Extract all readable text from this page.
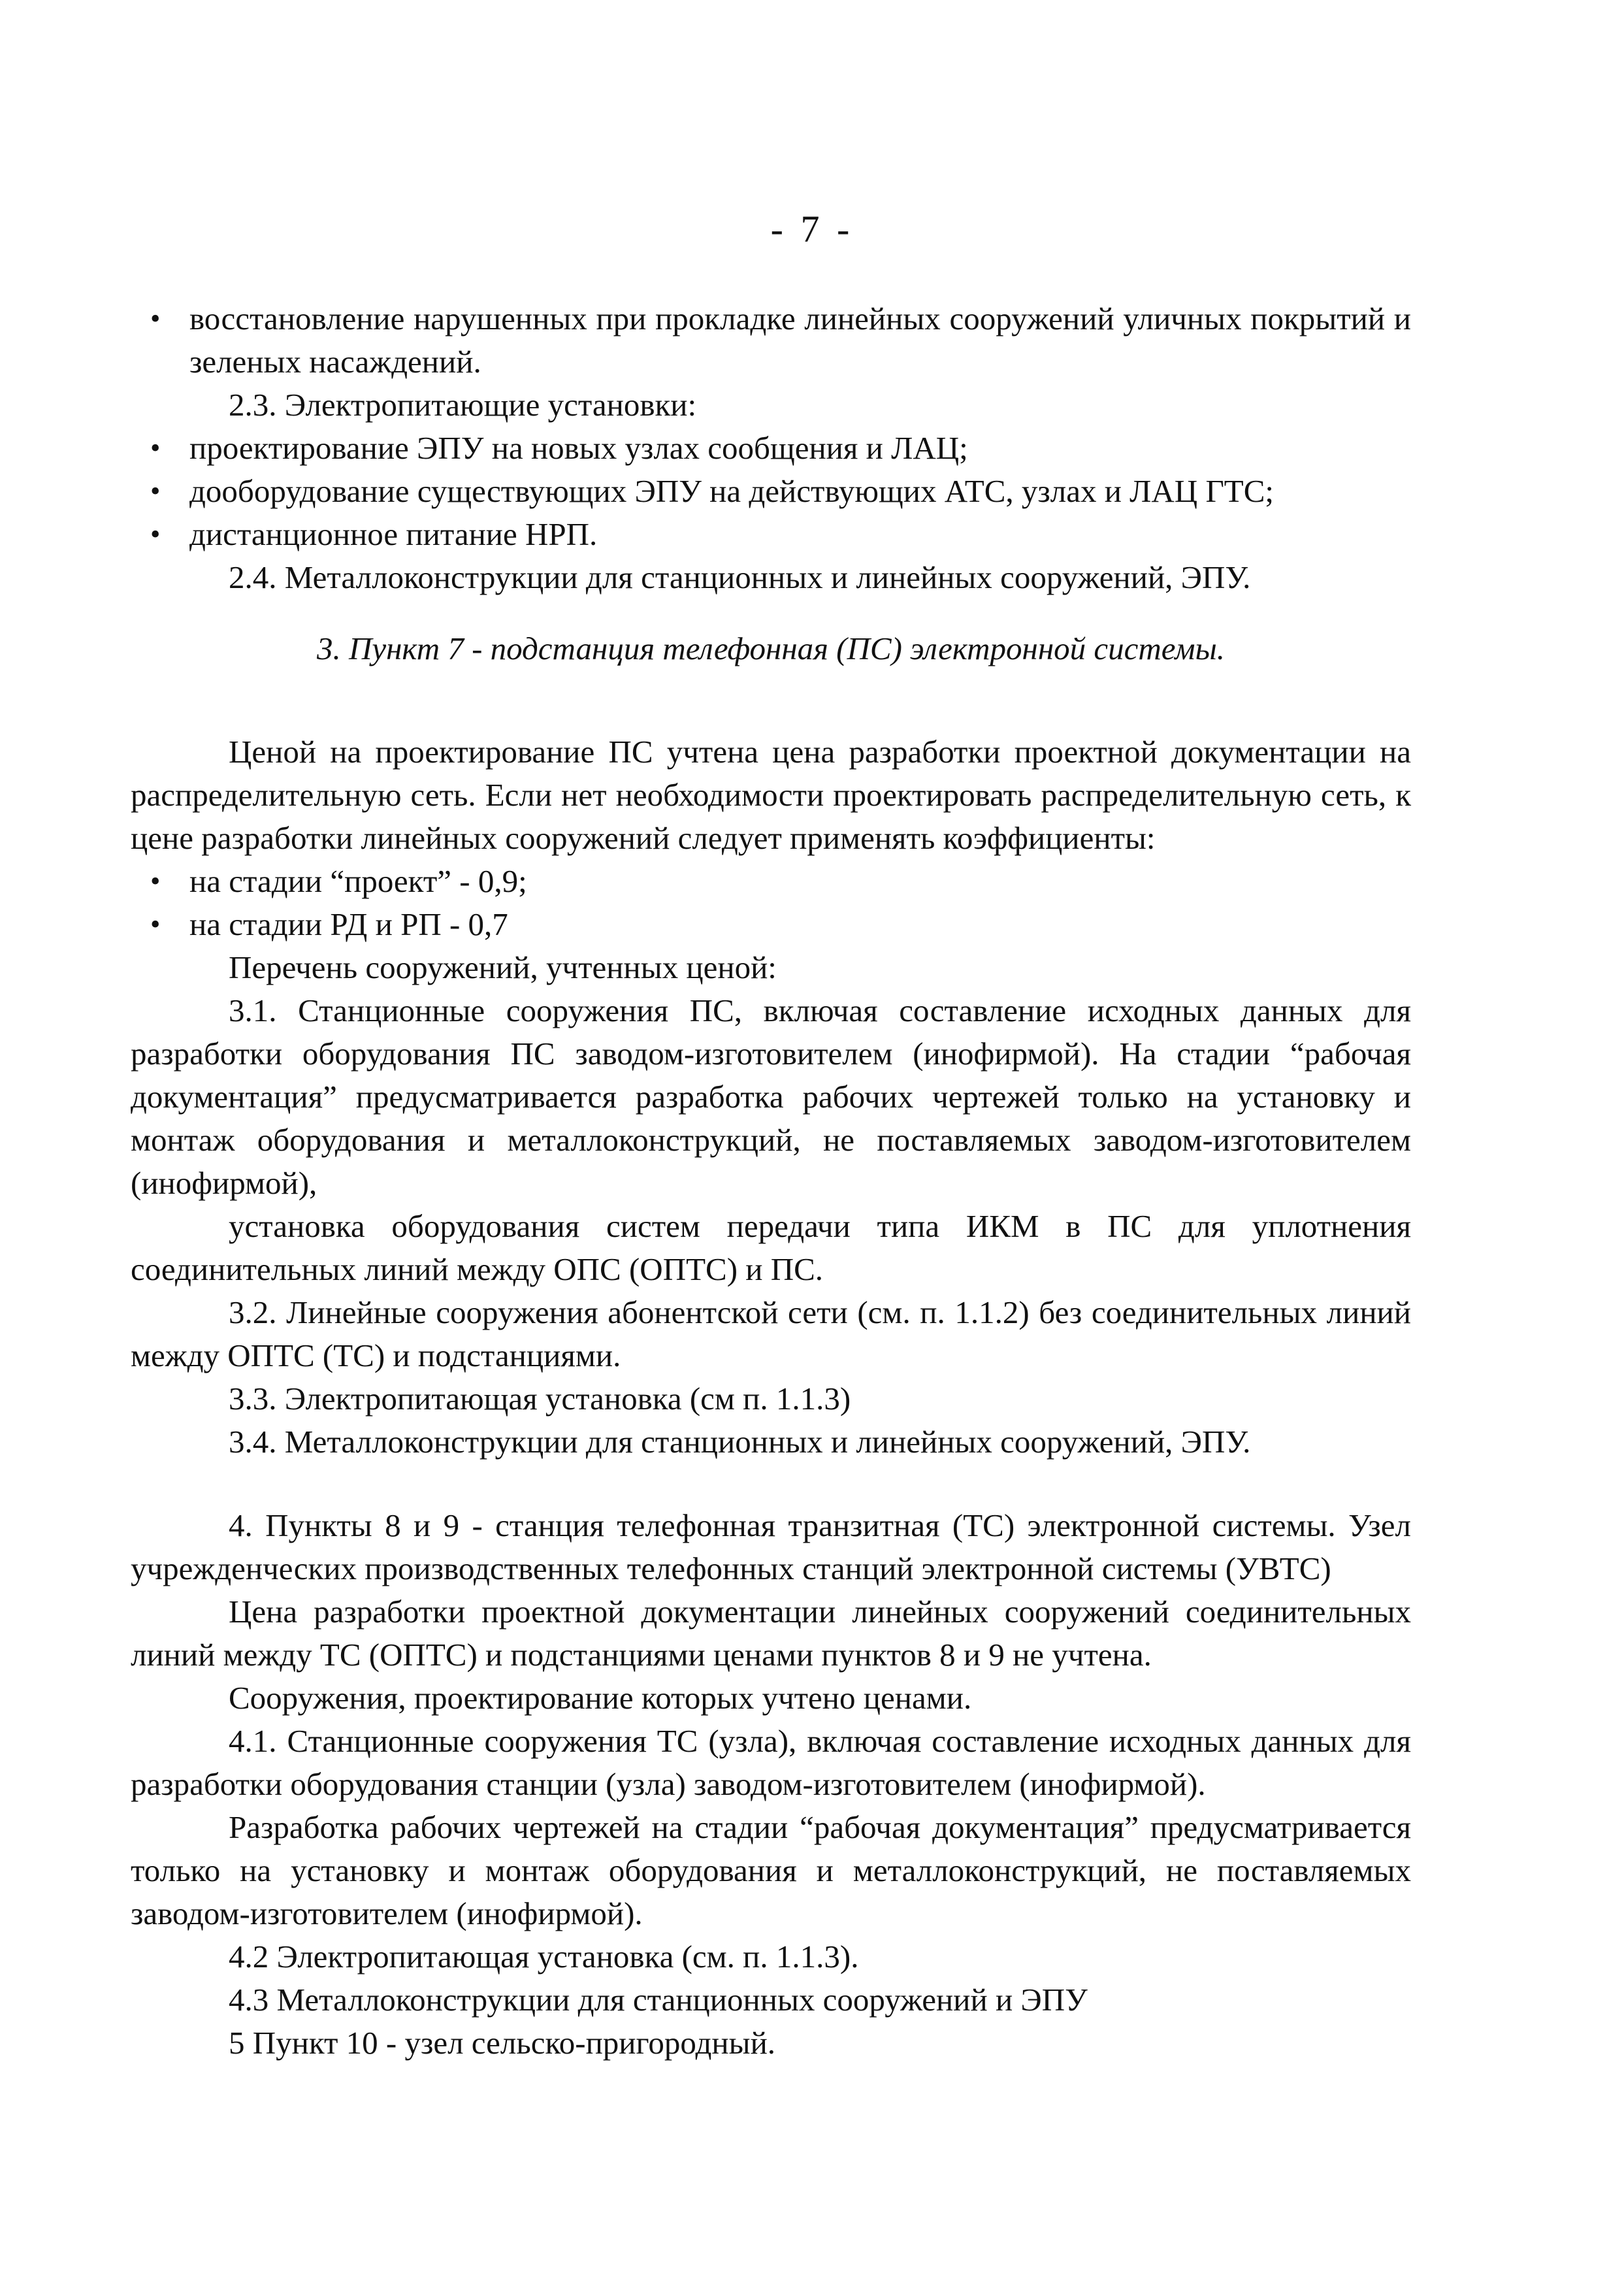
- 7 -

• восстановление нарушенных при прокладке линейных сооружений уличных покрытий и зеленых насаждений.

2.3. Электропитающие установки:

• проектирование ЭПУ на новых узлах сообщения и ЛАЦ;

• дооборудование существующих ЭПУ на действующих АТС, узлах и ЛАЦ ГТС;

• дистанционное питание НРП.

2.4. Металлоконструкции для станционных и линейных сооружений, ЭПУ.

3. Пункт 7 - подстанция телефонная (ПС) электронной системы.

Ценой на проектирование ПС учтена цена разработки проектной документации на распределительную сеть. Если нет необходимости проектировать распределительную сеть, к цене разработки линейных сооружений следует применять коэффициенты:

• на стадии “проект” - 0,9;

• на стадии РД и РП - 0,7

Перечень сооружений, учтенных ценой:

3.1. Станционные сооружения ПС, включая составление исходных данных для разработки оборудования ПС заводом-изготовителем (инофирмой). На стадии “рабочая документация” предусматривается разработка рабочих чертежей только на установку и монтаж оборудования и металлоконструкций, не поставляемых заводом-изготовителем (инофирмой),

установка оборудования систем передачи типа ИКМ в ПС для уплотнения соединительных линий между ОПС (ОПТС) и ПС.

3.2. Линейные сооружения абонентской сети (см. п. 1.1.2) без соединительных линий между ОПТС (ТС) и подстанциями.

3.3. Электропитающая установка (см п. 1.1.3)

3.4. Металлоконструкции для станционных и линейных сооружений, ЭПУ.

4. Пункты 8 и 9 - станция телефонная транзитная (ТС) электронной системы. Узел учрежденческих производственных телефонных станций электронной системы (УВТС)

Цена разработки проектной документации линейных сооружений соединительных линий между ТС (ОПТС) и подстанциями ценами пунктов 8 и 9 не учтена.

Сооружения, проектирование которых учтено ценами.

4.1. Станционные сооружения ТС (узла), включая составление исходных данных для разработки оборудования станции (узла) заводом-изготовителем (инофирмой).

Разработка рабочих чертежей на стадии “рабочая документация” предусматривается только на установку и монтаж оборудования и металлоконструкций, не поставляемых заводом-изготовителем (инофирмой).

4.2 Электропитающая установка (см. п. 1.1.3).

4.3 Металлоконструкции для станционных сооружений и ЭПУ

5 Пункт 10 - узел сельско-пригородный.
